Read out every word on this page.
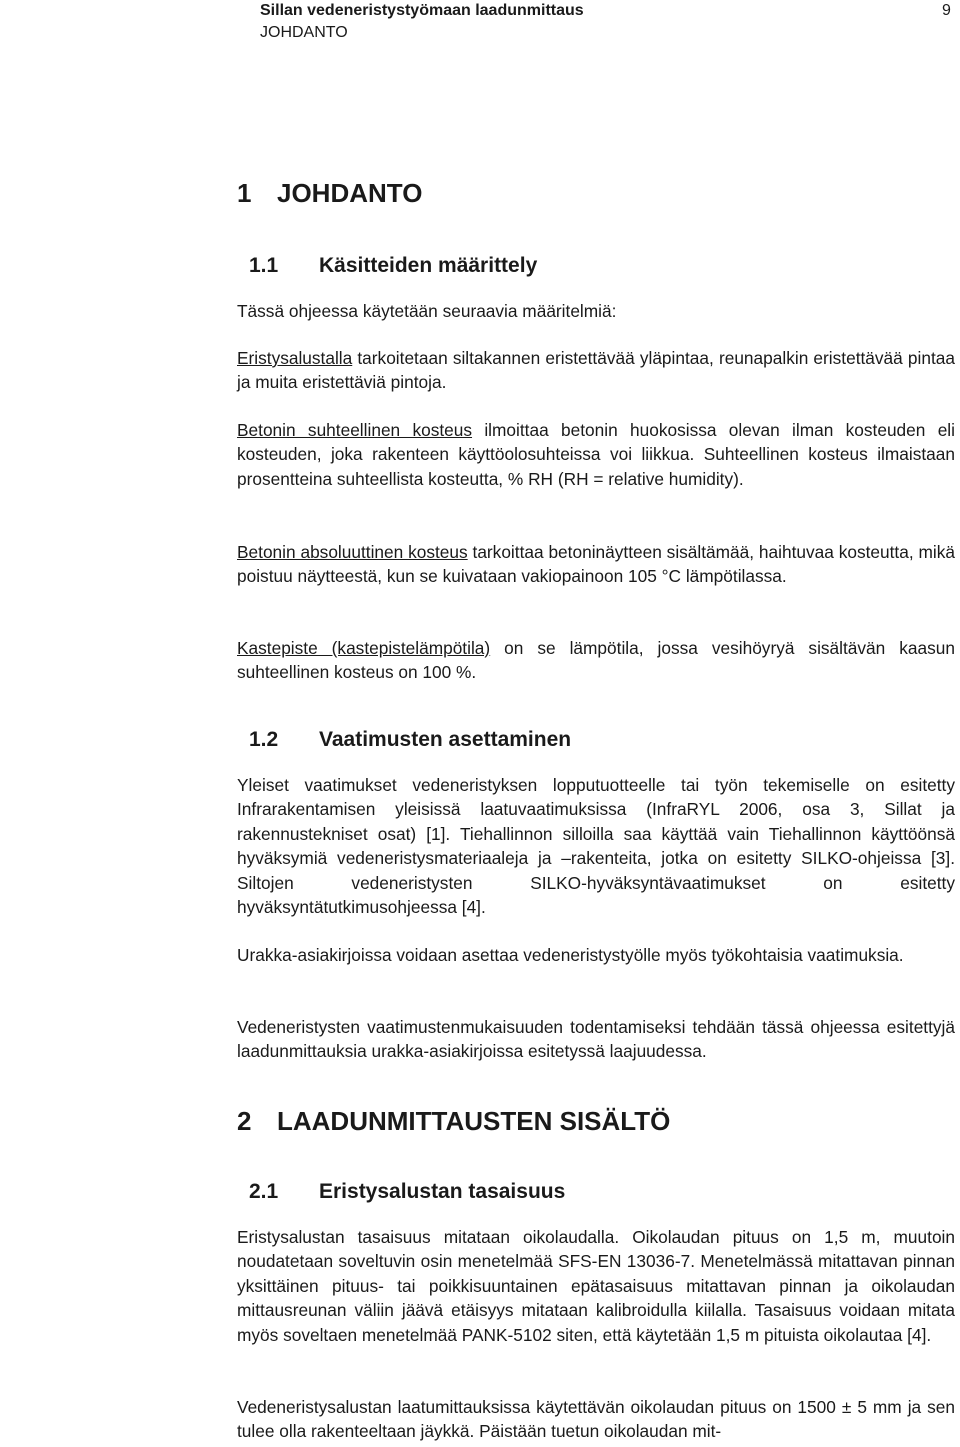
Sillan vedeneristystyömaan laadunmittaus	9
JOHDANTO
1 JOHDANTO
1.1 Käsitteiden määrittely

Tässä ohjeessa käytetään seuraavia määritelmiä:

Eristysalustalla tarkoitetaan siltakannen eristettävää yläpintaa, reunapalkin eristettävää pintaa ja muita eristettäviä pintoja.

Betonin suhteellinen kosteus ilmoittaa betonin huokosissa olevan ilman kosteuden eli kosteuden, joka rakenteen käyttöolosuhteissa voi liikkua. Suhteellinen kosteus ilmaistaan prosentteina suhteellista kosteutta, % RH (RH = relative humidity).

Betonin absoluuttinen kosteus tarkoittaa betoninäytteen sisältämää, haihtuvaa kosteutta, mikä poistuu näytteestä, kun se kuivataan vakiopainoon 105 °C lämpötilassa.

Kastepiste (kastepistelämpötila) on se lämpötila, jossa vesihöyryä sisältävän kaasun suhteellinen kosteus on 100 %.

1.2 Vaatimusten asettaminen

Yleiset vaatimukset vedeneristyksen lopputuotteelle tai työn tekemiselle on esitetty Infrarakentamisen yleisissä laatuvaatimuksissa (InfraRYL 2006, osa 3, Sillat ja rakennustekniset osat) [1]. Tiehallinnon silloilla saa käyttää vain Tiehallinnon käyttöönsä hyväksymiä vedeneristysmateriaaleja ja –rakenteita, jotka on esitetty SILKO-ohjeissa [3]. Siltojen vedeneristysten SILKO-hyväksyntävaatimukset on esitetty hyväksyntätutkimusohjeessa [4].

Urakka-asiakirjoissa voidaan asettaa vedeneristystyölle myös työkohtaisia vaatimuksia.

Vedeneristysten vaatimustenmukaisuuden todentamiseksi tehdään tässä ohjeessa esitettyjä laadunmittauksia urakka-asiakirjoissa esitetyssä laajuudessa.

2 LAADUNMITTAUSTEN SISÄLTÖ
2.1 Eristysalustan tasaisuus

Eristysalustan tasaisuus mitataan oikolaudalla. Oikolaudan pituus on 1,5 m, muutoin noudatetaan soveltuvin osin menetelmää SFS-EN 13036-7. Menetelmässä mitattavan pinnan yksittäinen pituus- tai poikkisuuntainen epätasaisuus mitattavan pinnan ja oikolaudan mittausreunan väliin jäävä etäisyys mitataan kalibroidulla kiilalla. Tasaisuus voidaan mitata myös soveltaen menetelmää PANK-5102 siten, että käytetään 1,5 m pituista oikolautaa [4].

Vedeneristysalustan laatumittauksissa käytettävän oikolaudan pituus on 1500 ± 5 mm ja sen tulee olla rakenteeltaan jäykkä. Päistään tuetun oikolaudan mit-
